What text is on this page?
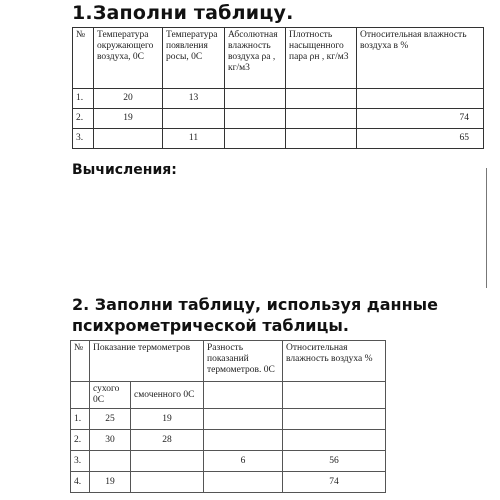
1.Заполни таблицу.
№	Температура окружающего воздуха, 0С	Температура появления росы, 0С	Абсолютная влажность воздуха ρа , кг/м3	Плотность насыщенного пара ρн , кг/м3	Относительная влажность воздуха в %
1.	20	13			
2.	19				74
3.		11			65
Вычисления:
2. Заполни таблицу, используя данные
психрометрической таблицы.
№	Показание термометров		Разность показаний термометров. 0С	Относительная влажность воздуха %
	сухого 0С	смоченного 0С		
1.	25	19		
2.	30	28		
3.			6	56
4.	19			74
